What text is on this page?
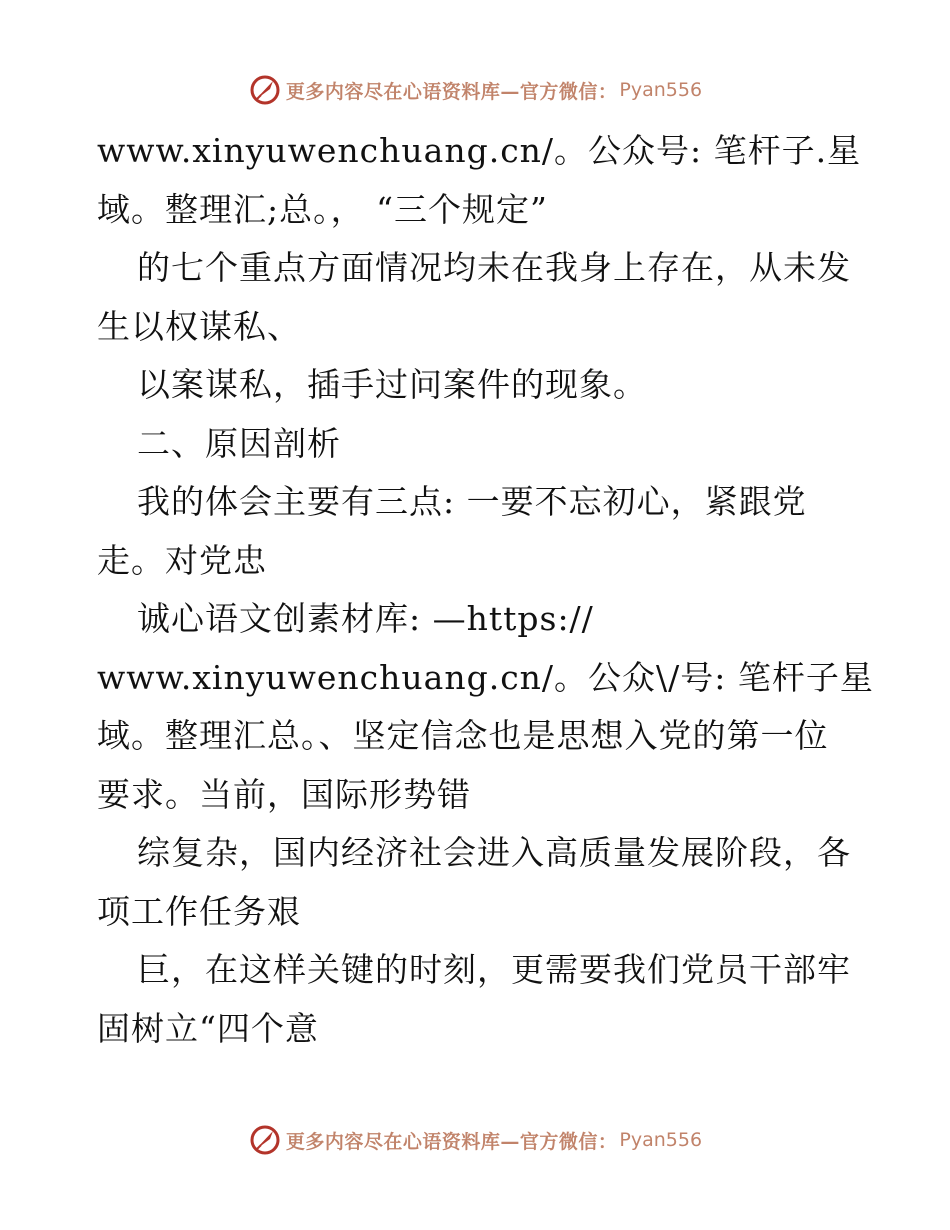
更多内容尽在心语资料库—官方微信： Pyan556
www.xinyuwenchuang.cn/。公众号: 笔杆子.星
域。整理汇;总。， “三个规定”
的七个重点方面情况均未在我身上存在，从未发
生以权谋私、
以案谋私，插手过问案件的现象。
二、原因剖析
我的体会主要有三点: 一要不忘初心，紧跟党
走。对党忠
诚心语文创素材库: —https://
www.xinyuwenchuang.cn/。公众\/号: 笔杆子星
域。整理汇总。、坚定信念也是思想入党的第一位
要求。当前，国际形势错
综复杂，国内经济社会进入高质量发展阶段，各
项工作任务艰
巨，在这样关键的时刻，更需要我们党员干部牢
固树立“四个意
更多内容尽在心语资料库—官方微信： Pyan556
